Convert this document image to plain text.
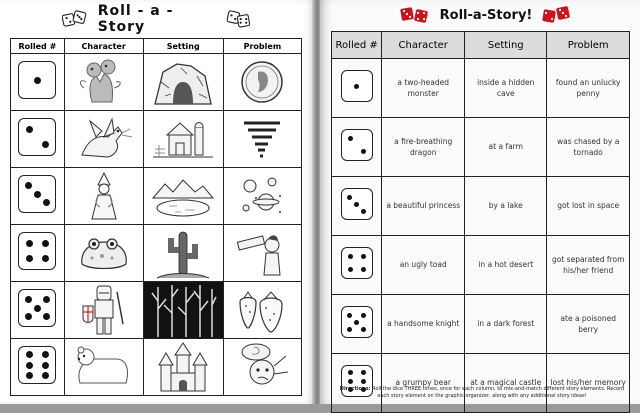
Roll - a - Story
Rolled #	Character	Setting	Problem

Roll-a-Story!
Rolled #	Character	Setting	Problem

	a two-headed monster	inside a hidden cave	found an unlucky penny

	a fire-breathing dragon	at a farm	was chased by a tornado

	a beautiful princess	by a lake	got lost in space

	an ugly toad	in a hot desert	got separated from his/her friend

	a handsome knight	in a dark forest	ate a poisoned berry

	a grumpy bear	at a magical castle	lost his/her memory
Directions: Roll the dice THREE times, once for each column, to mix-and-match different story elements. Record each story element on the graphic organizer, along with any additional story ideas!
